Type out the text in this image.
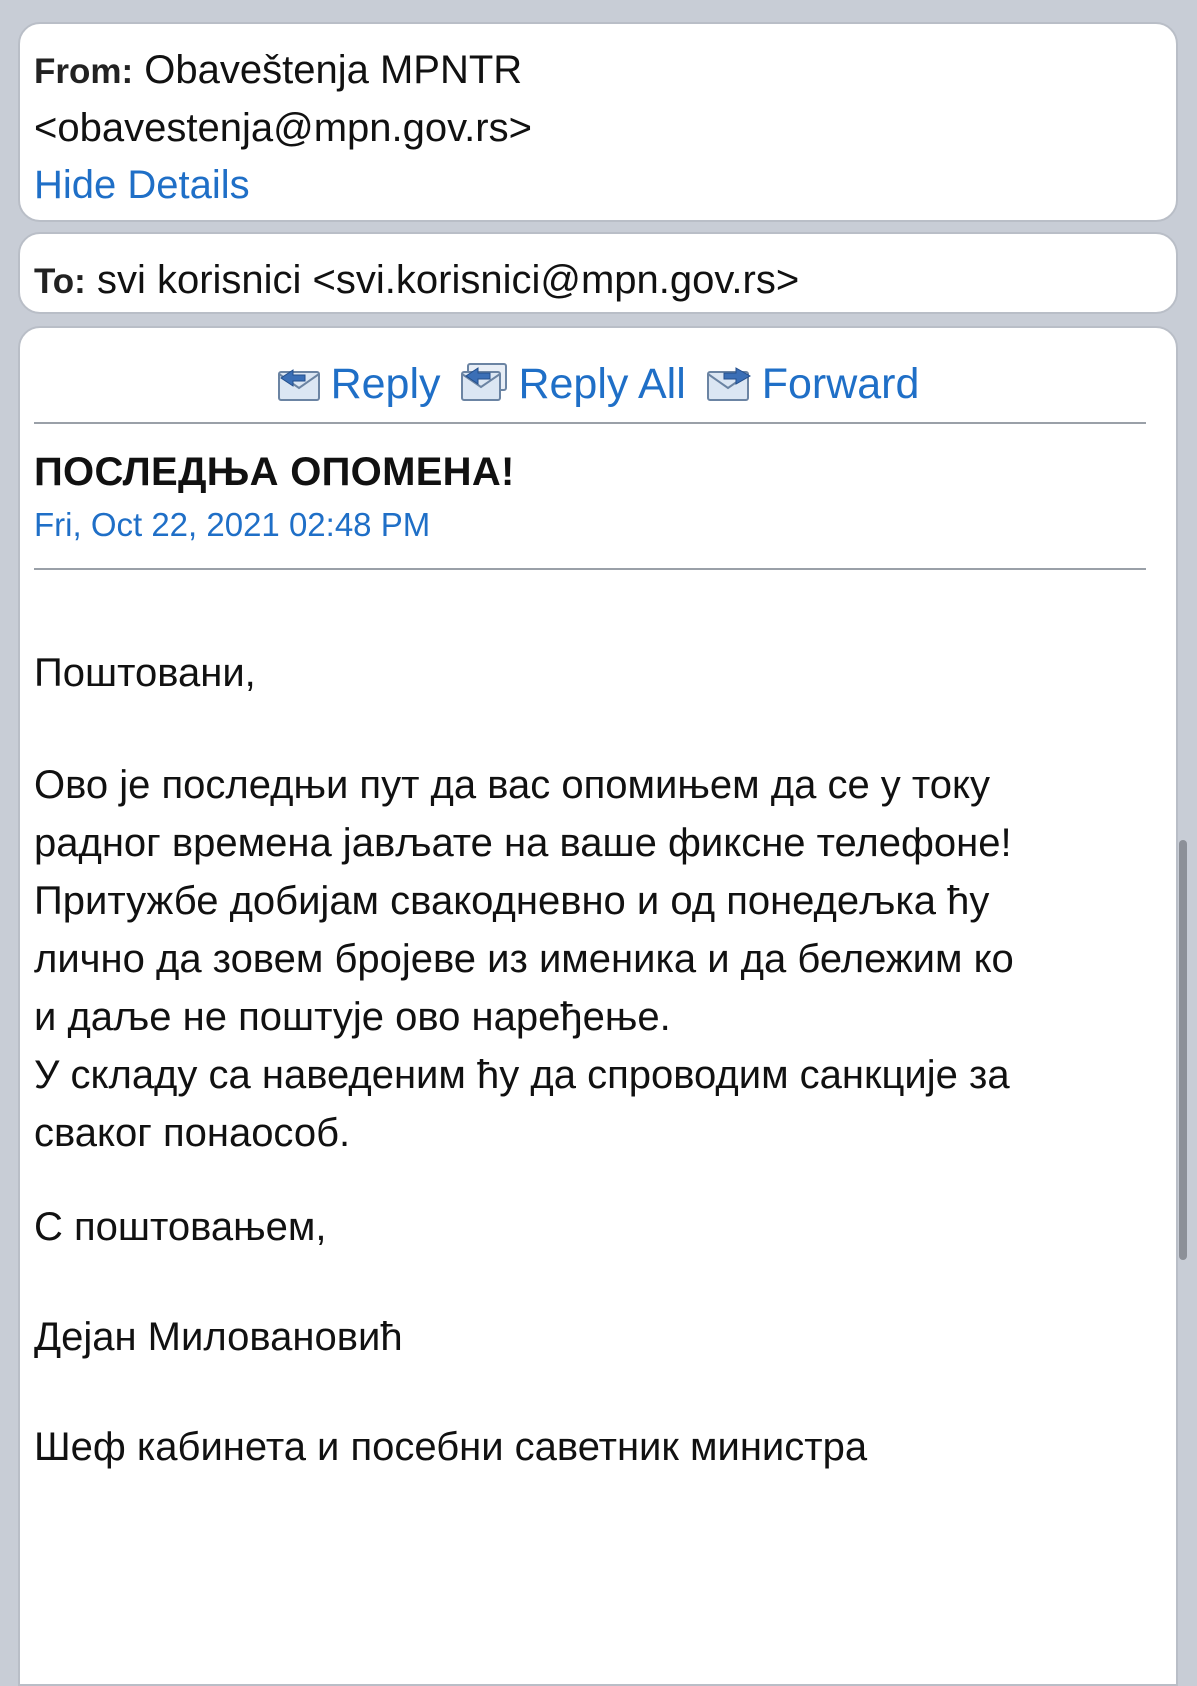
From: Obaveštenja MPNTR
<obavestenja@mpn.gov.rs>
Hide Details
To: svi korisnici <svi.korisnici@mpn.gov.rs>
Reply Reply All Forward
ПОСЛЕДЊА ОПОМЕНА!
Fri, Oct 22, 2021 02:48 PM
Поштовани,
Ово је последњи пут да вас опомињем да се у току
радног времена јављате на ваше фиксне телефоне!
Притужбе добијам свакодневно и од понедељка ћу
лично да зовем бројеве из именика и да бележим ко
и даље не поштује ово наређење.
У складу са наведеним ћу да спроводим санкције за
сваког понаособ.
С поштовањем,
Дејан Миловановић
Шеф кабинета и посебни саветник министра
